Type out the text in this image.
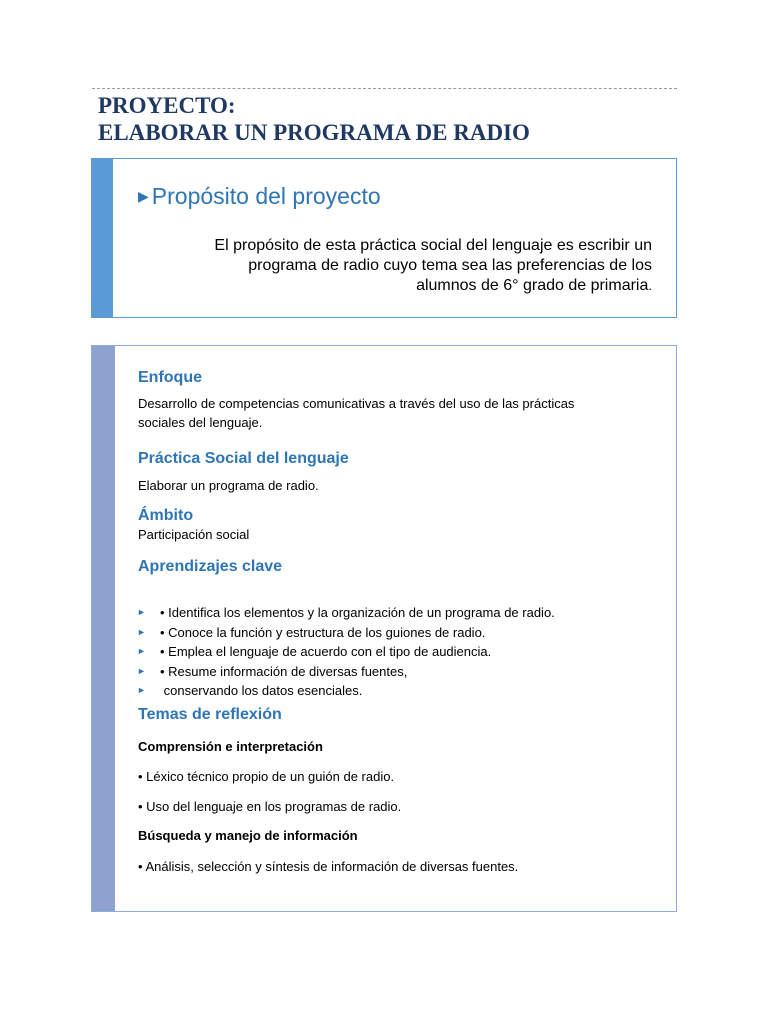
PROYECTO:
ELABORAR UN PROGRAMA DE RADIO
▶ Propósito del proyecto
El propósito de esta práctica social del lenguaje es escribir un
programa de radio cuyo tema sea las preferencias de los
alumnos de 6° grado de primaria.
Enfoque
Desarrollo de competencias comunicativas a través del uso de las prácticas sociales del lenguaje.
Práctica Social del lenguaje
Elaborar un programa de radio.
Ámbito
Participación social
Aprendizajes clave
► • Identifica los elementos y la organización de un programa de radio.
► • Conoce la función y estructura de los guiones de radio.
► • Emplea el lenguaje de acuerdo con el tipo de audiencia.
► • Resume información de diversas fuentes,
► conservando los datos esenciales.
Temas de reflexión
Comprensión e interpretación
• Léxico técnico propio de un guión de radio.
• Uso del lenguaje en los programas de radio.
Búsqueda y manejo de información
• Análisis, selección y síntesis de información de diversas fuentes.
